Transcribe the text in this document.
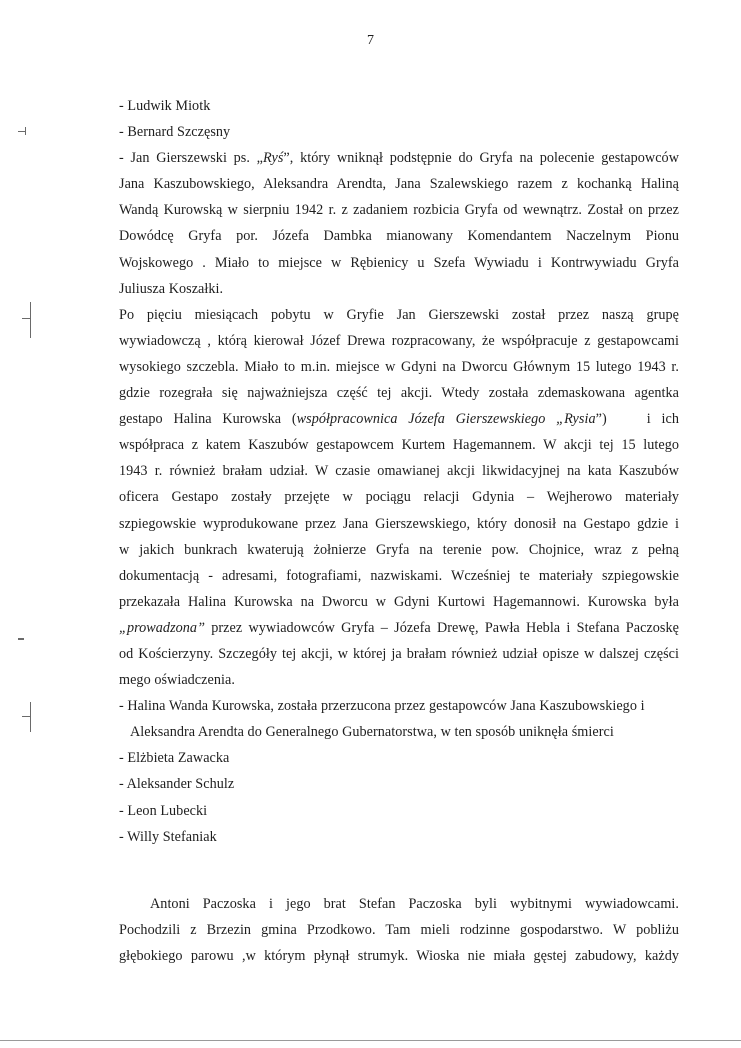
7
- Ludwik Miotk
- Bernard Szczęsny
- Jan Gierszewski ps. „Ryś”, który wniknął podstępnie do Gryfa na polecenie gestapowców
Jana Kaszubowskiego, Aleksandra Arendta, Jana Szalewskiego razem z kochanką Haliną
Wandą Kurowską w sierpniu 1942 r. z zadaniem rozbicia Gryfa od wewnątrz. Został on przez
Dowódcę Gryfa por. Józefa Dambka mianowany Komendantem Naczelnym Pionu
Wojskowego . Miało to miejsce w Rębienicy u Szefa Wywiadu i Kontrwywiadu Gryfa
Juliusza Koszałki.
Po pięciu miesiącach pobytu w Gryfie Jan Gierszewski został przez naszą grupę
wywiadowczą , którą kierował Józef Drewa rozpracowany, że współpracuje z gestapowcami
wysokiego szczebla. Miało to m.in. miejsce w Gdyni na Dworcu Głównym 15 lutego 1943 r.
gdzie rozegrała się najważniejsza część tej akcji. Wtedy została zdemaskowana agentka
gestapo Halina Kurowska (współpracownica Józefa Gierszewskiego „Rysia”)	i ich
współpraca z katem Kaszubów gestapowcem Kurtem Hagemannem. W akcji tej 15 lutego
1943 r. również brałam udział. W czasie omawianej akcji likwidacyjnej na kata Kaszubów
oficera Gestapo zostały przejęte w pociągu relacji Gdynia – Wejherowo materiały
szpiegowskie wyprodukowane przez Jana Gierszewskiego, który donosił na Gestapo gdzie i
w jakich bunkrach kwaterują żołnierze Gryfa na terenie pow. Chojnice, wraz z pełną
dokumentacją - adresami, fotografiami, nazwiskami. Wcześniej te materiały szpiegowskie
przekazała Halina Kurowska na Dworcu w Gdyni Kurtowi Hagemannowi. Kurowska była
„prowadzona” przez wywiadowców Gryfa – Józefa Drewę, Pawła Hebla i Stefana Paczoskę
od Kościerzyny. Szczegóły tej akcji, w której ja brałam również udział opisze w dalszej części
mego oświadczenia.
- Halina Wanda Kurowska, została przerzucona przez gestapowców Jana Kaszubowskiego i
Aleksandra Arendta do Generalnego Gubernatorstwa, w ten sposób uniknęła śmierci
- Elżbieta Zawacka
- Aleksander Schulz
- Leon Lubecki
- Willy Stefaniak
Antoni Paczoska i jego brat Stefan Paczoska byli wybitnymi wywiadowcami.
Pochodzili z Brzezin gmina Przodkowo. Tam mieli rodzinne gospodarstwo. W pobliżu
głębokiego parowu ,w którym płynął strumyk. Wioska nie miała gęstej zabudowy, każdy
